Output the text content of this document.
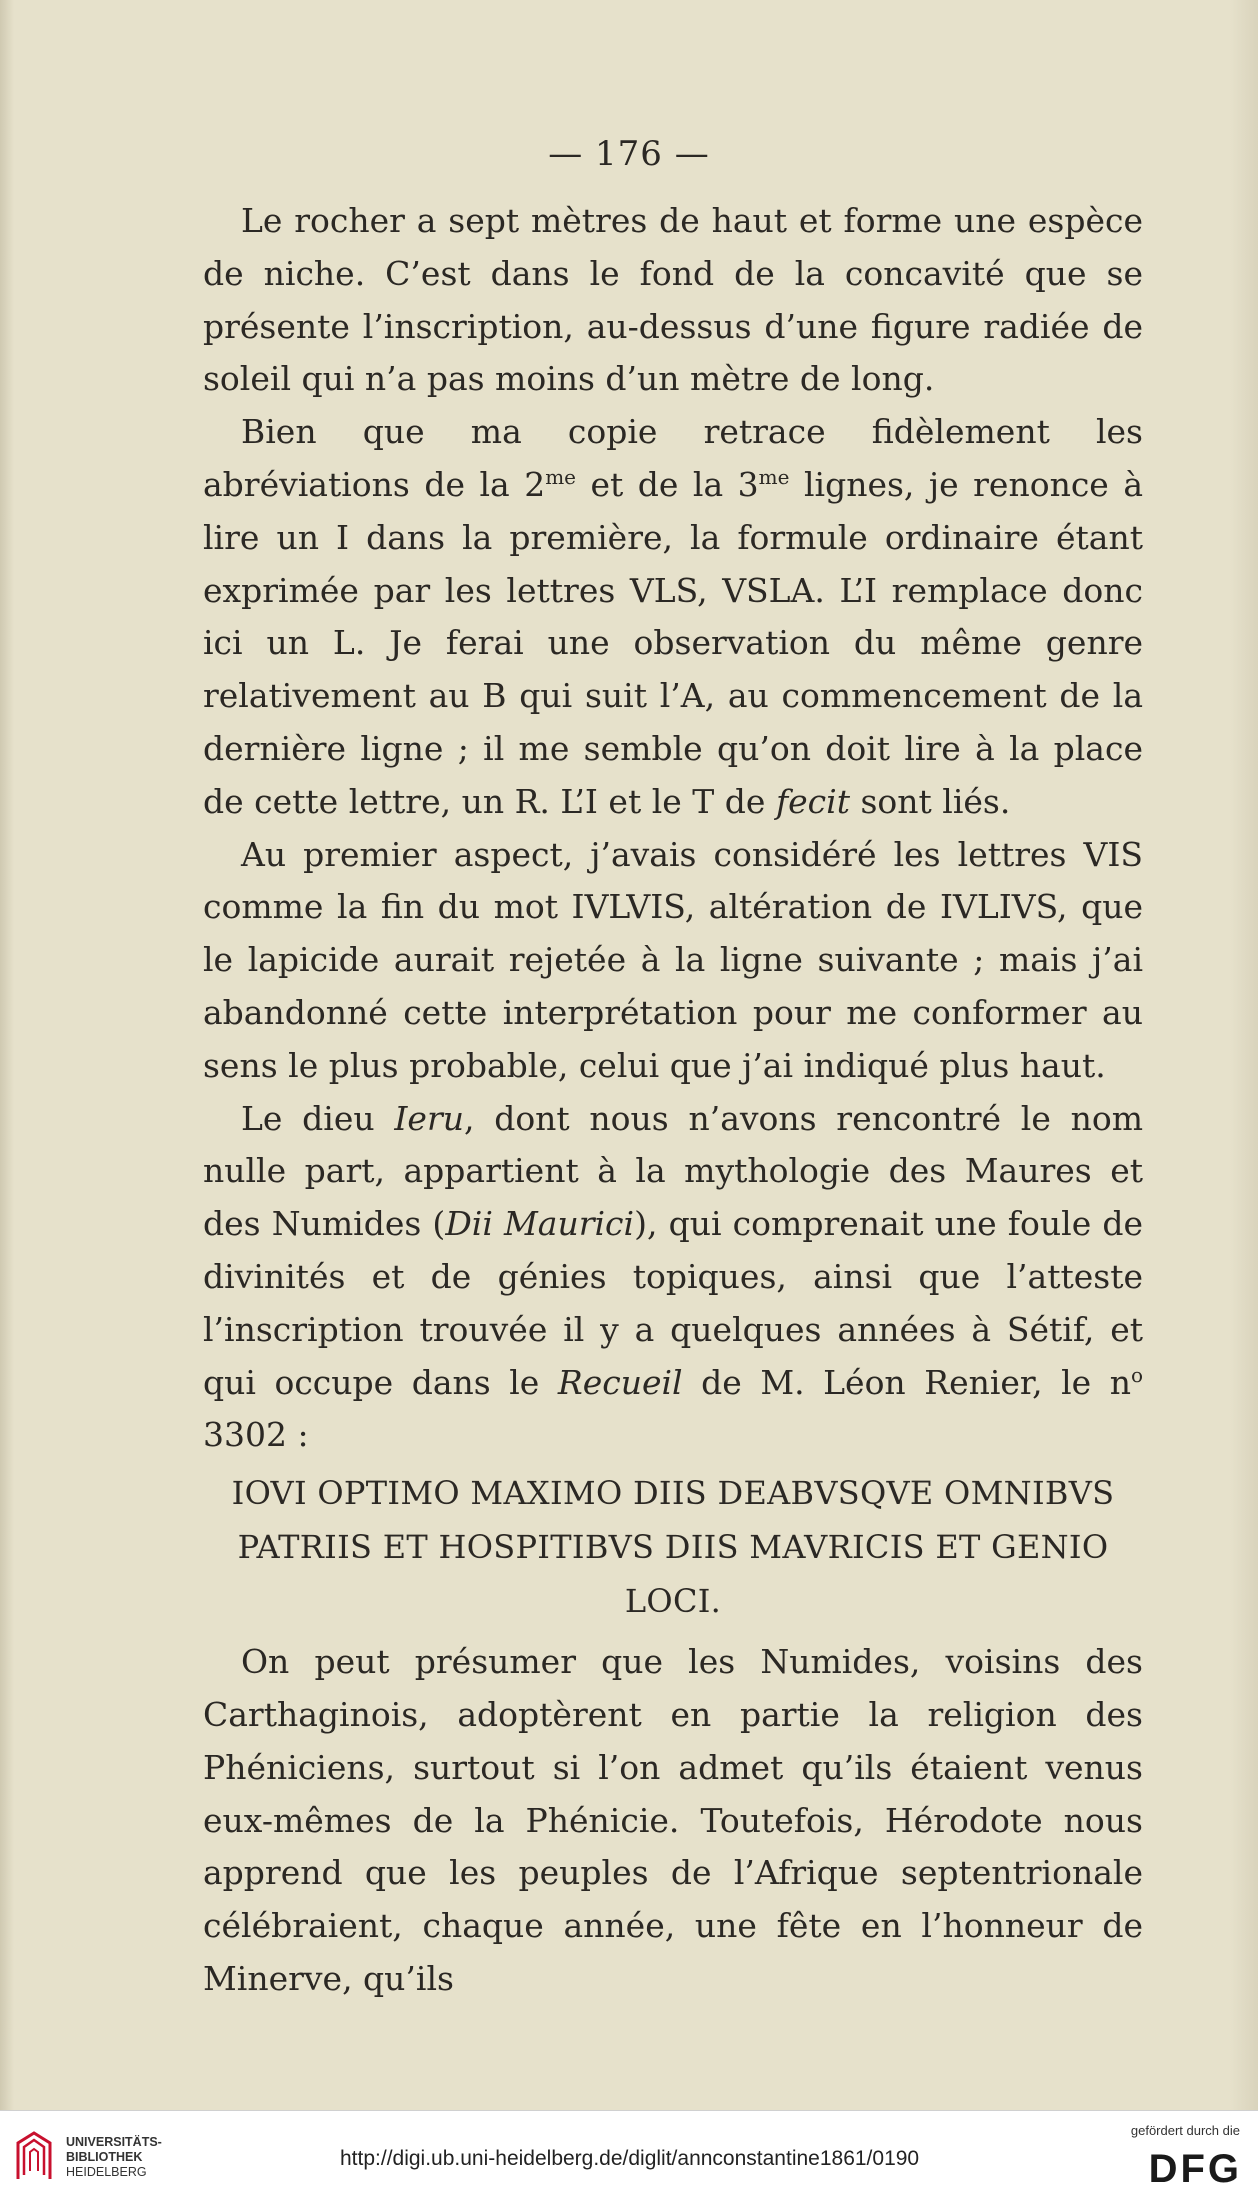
— 176 —

Le rocher a sept mètres de haut et forme une espèce de niche. C’est dans le fond de la concavité que se présente l’inscription, au-dessus d’une figure radiée de soleil qui n’a pas moins d’un mètre de long.

Bien que ma copie retrace fidèlement les abréviations de la $2^{me}$ et de la $3^{me}$ lignes, je renonce à lire un I dans la première, la formule ordinaire étant exprimée par les lettres VLS, VSLA. L’I remplace donc ici un L. Je ferai une observation du même genre relativement au B qui suit l’A, au commencement de la dernière ligne ; il me semble qu’on doit lire à la place de cette lettre, un R. L’I et le T de fecit sont liés.

Au premier aspect, j’avais considéré les lettres VIS comme la fin du mot IVLVIS, altération de IVLIVS, que le lapicide aurait rejetée à la ligne suivante ; mais j’ai abandonné cette interprétation pour me conformer au sens le plus probable, celui que j’ai indiqué plus haut.

Le dieu Ieru, dont nous n’avons rencontré le nom nulle part, appartient à la mythologie des Maures et des Numides (Dii Maurici), qui comprenait une foule de divinités et de génies topiques, ainsi que l’atteste l’inscription trouvée il y a quelques années à Sétif, et qui occupe dans le Recueil de M. Léon Renier, le $n^o$ 3302 :

IOVI OPTIMO MAXIMO DIIS DEABVSQVE OMNIBVS

PATRIIS ET HOSPITIBVS DIIS MAVRICIS ET GENIO LOCI.

On peut présumer que les Numides, voisins des Carthaginois, adoptèrent en partie la religion des Phéniciens, surtout si l’on admet qu’ils étaient venus eux-mêmes de la Phénicie. Toutefois, Hérodote nous apprend que les peuples de l’Afrique septentrionale célébraient, chaque année, une fête en l’honneur de Minerve, qu’ils

UNIVERSITÄTS-
BIBLIOTHEK
HEIDELBERG
http://digi.ub.uni-heidelberg.de/diglit/annconstantine1861/0190
gefördert durch die
DFG
